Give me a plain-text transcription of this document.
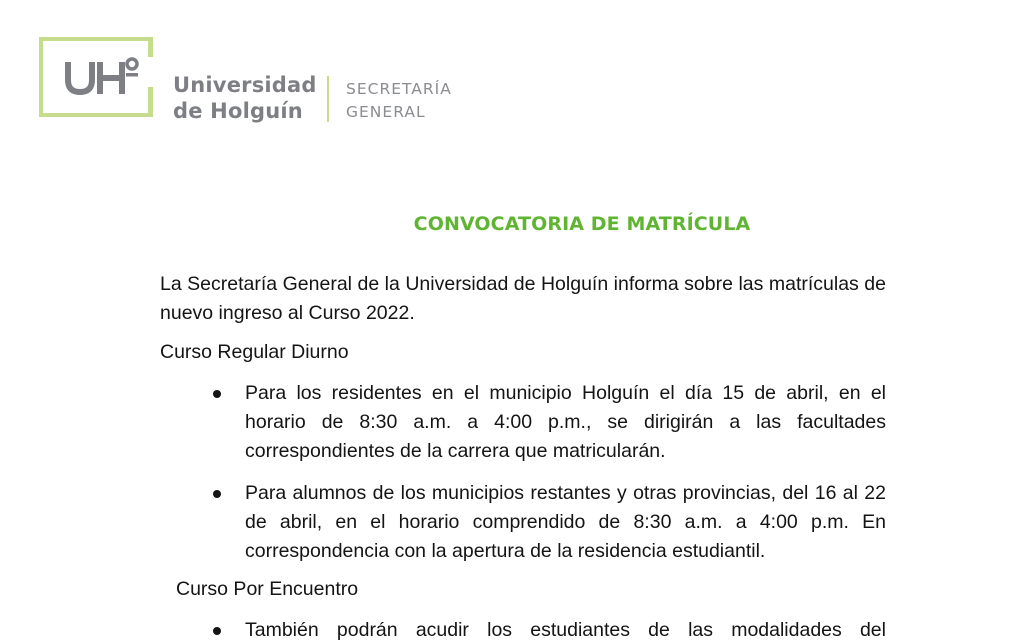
Universidad
de Holguín
SECRETARÍA
GENERAL
CONVOCATORIA DE MATRÍCULA
La Secretaría General de la Universidad de Holguín informa sobre las matrículas de nuevo ingreso al Curso 2022.
Curso Regular Diurno
Para los residentes en el municipio Holguín el día 15 de abril, en el horario de 8:30 a.m. a 4:00 p.m., se dirigirán a las facultades correspondientes de la carrera que matricularán.
Para alumnos de los municipios restantes y otras provincias, del 16 al 22 de abril, en el horario comprendido de 8:30 a.m. a 4:00 p.m. En correspondencia con la apertura de la residencia estudiantil.
Curso Por Encuentro
También podrán acudir los estudiantes de las modalidades del
